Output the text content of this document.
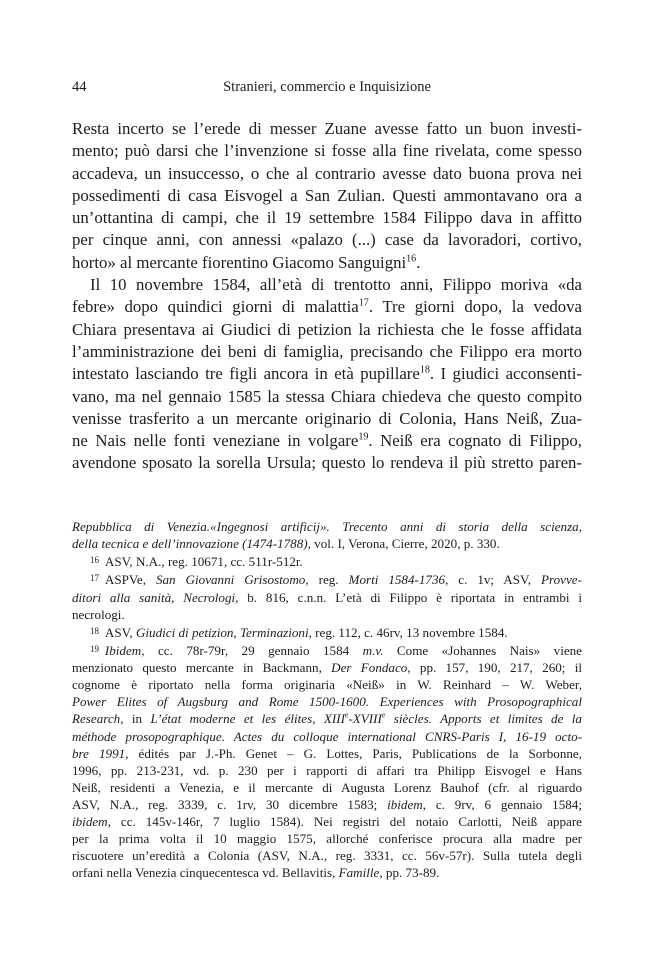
44	Stranieri, commercio e Inquisizione
Resta incerto se l’erede di messer Zuane avesse fatto un buon investi-
mento; può darsi che l’invenzione si fosse alla fine rivelata, come spesso
accadeva, un insuccesso, o che al contrario avesse dato buona prova nei
possedimenti di casa Eisvogel a San Zulian. Questi ammontavano ora a
un’ottantina di campi, che il 19 settembre 1584 Filippo dava in affitto
per cinque anni, con annessi «palazo (...) case da lavoradori, cortivo,
horto» al mercante fiorentino Giacomo Sanguigni$^{16}$.
Il 10 novembre 1584, all’età di trentotto anni, Filippo moriva «da
febre» dopo quindici giorni di malattia$^{17}$. Tre giorni dopo, la vedova
Chiara presentava ai Giudici di petizion la richiesta che le fosse affidata
l’amministrazione dei beni di famiglia, precisando che Filippo era morto
intestato lasciando tre figli ancora in età pupillare$^{18}$. I giudici acconsenti-
vano, ma nel gennaio 1585 la stessa Chiara chiedeva che questo compito
venisse trasferito a un mercante originario di Colonia, Hans Neiß, Zua-
ne Nais nelle fonti veneziane in volgare$^{19}$. Neiß era cognato di Filippo,
avendone sposato la sorella Ursula; questo lo rendeva il più stretto paren-
Repubblica di Venezia.«Ingegnosi artificij». Trecento anni di storia della scienza,
della tecnica e dell’innovazione (1474-1788), vol. I, Verona, Cierre, 2020, p. 330.
$^{16}$ ASV, N.A., reg. 10671, cc. 511r-512r.
$^{17}$ ASPVe, San Giovanni Grisostomo, reg. Morti 1584-1736, c. 1v; ASV, Provve-
ditori alla sanità, Necrologi, b. 816, c.n.n. L’età di Filippo è riportata in entrambi i
necrologi.
$^{18}$ ASV, Giudici di petizion, Terminazioni, reg. 112, c. 46rv, 13 novembre 1584.
$^{19}$ Ibidem, cc. 78r-79r, 29 gennaio 1584 m.v. Come «Johannes Nais» viene
menzionato questo mercante in Backmann, Der Fondaco, pp. 157, 190, 217, 260; il
cognome è riportato nella forma originaria «Neiß» in W. Reinhard – W. Weber,
Power Elites of Augsburg and Rome 1500-1600. Experiences with Prosopographical
Research, in L’état moderne et les élites, XIIIe-XVIIIe siècles. Apports et limites de la
méthode prosopographique. Actes du colloque international CNRS-Paris I, 16-19 octo-
bre 1991, édités par J.-Ph. Genet – G. Lottes, Paris, Publications de la Sorbonne,
1996, pp. 213-231, vd. p. 230 per i rapporti di affari tra Philipp Eisvogel e Hans
Neiß, residenti a Venezia, e il mercante di Augusta Lorenz Bauhof (cfr. al riguardo
ASV, N.A., reg. 3339, c. 1rv, 30 dicembre 1583; ibidem, c. 9rv, 6 gennaio 1584;
ibidem, cc. 145v-146r, 7 luglio 1584). Nei registri del notaio Carlotti, Neiß appare
per la prima volta il 10 maggio 1575, allorché conferisce procura alla madre per
riscuotere un’eredità a Colonia (ASV, N.A., reg. 3331, cc. 56v-57r). Sulla tutela degli
orfani nella Venezia cinquecentesca vd. Bellavitis, Famille, pp. 73-89.
